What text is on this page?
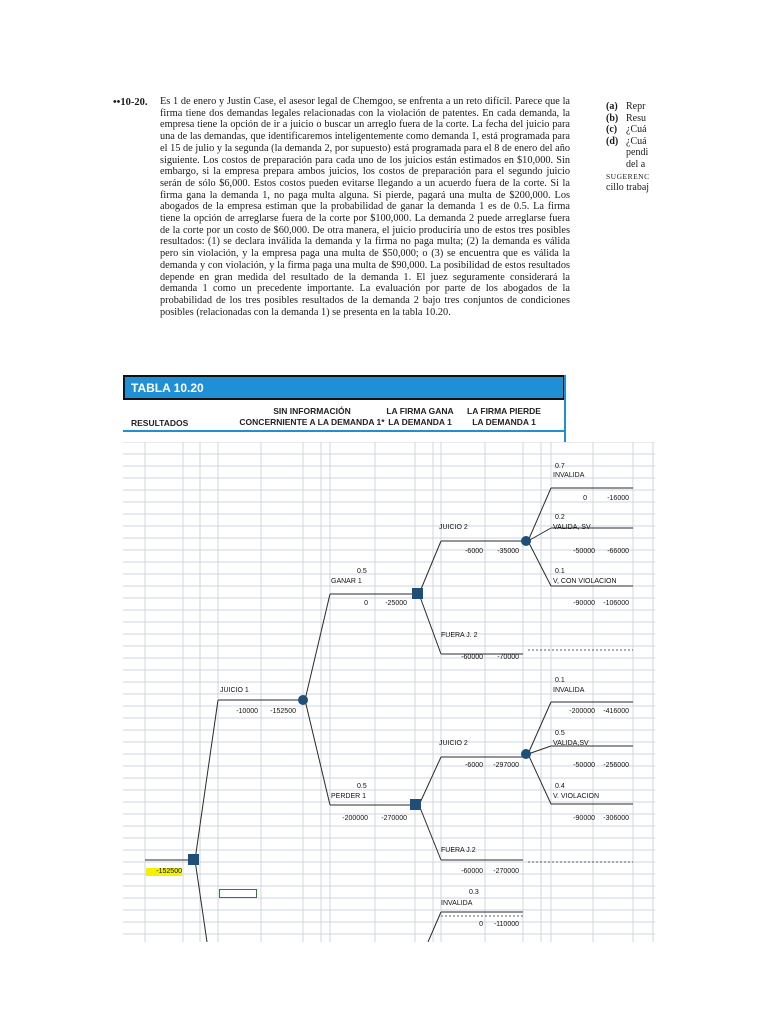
••10-20. Es 1 de enero y Justin Case, el asesor legal de Chemgoo, se enfrenta a un reto difícil. Parece que la firma tiene dos demandas legales relacionadas con la violación de patentes. En cada demanda, la empresa tiene la opción de ir a juicio o buscar un arreglo fuera de la corte. La fecha del juicio para una de las demandas, que identificaremos inteligentemente como demanda 1, está programada para el 15 de julio y la segunda (la demanda 2, por supuesto) está programada para el 8 de enero del año siguiente. Los costos de preparación para cada uno de los juicios están estimados en $10,000. Sin embargo, si la empresa prepara ambos juicios, los costos de preparación para el segundo juicio serán de sólo $6,000. Estos costos pueden evitarse llegando a un acuerdo fuera de la corte. Si la firma gana la demanda 1, no paga multa alguna. Si pierde, pagará una multa de $200,000. Los abogados de la empresa estiman que la probabilidad de ganar la demanda 1 es de 0.5. La firma tiene la opción de arreglarse fuera de la corte por $100,000. La demanda 2 puede arreglarse fuera de la corte por un costo de $60,000. De otra manera, el juicio produciría uno de estos tres posibles resultados: (1) se declara inválida la demanda y la firma no paga multa; (2) la demanda es válida pero sin violación, y la empresa paga una multa de $50,000; o (3) se encuentra que es válida la demanda y con violación, y la firma paga una multa de $90,000. La posibilidad de estos resultados depende en gran medida del resultado de la demanda 1. El juez seguramente considerará la demanda 1 como un precedente importante. La evaluación por parte de los abogados de la probabilidad de los tres posibles resultados de la demanda 2 bajo tres conjuntos de condiciones posibles (relacionadas con la demanda 1) se presenta en la tabla 10.20.

(a) Repr
(b) Resu
(c) ¿Cuá
(d) ¿Cuá
pendi
del a
SUGERENC
cillo trabaj
TABLA 10.20
RESULTADOS
SIN INFORMACIÓN
CONCERNIENTE A LA DEMANDA 1*
LA FIRMA GANA
LA DEMANDA 1
LA FIRMA PIERDE
LA DEMANDA 1
0.7
INVALIDA
0	-16000
0.2
VALIDA, SV
-50000	-66000
JUICIO 2
-6000	-35000
0.1
V, CON VIOLACION
-90000	-106000
0.5
GANAR 1
0	-25000
FUERA J. 2
-60000	-70000
JUICIO 1
-10000	-152500
0.1
INVALIDA
-200000	-416000
0.5
VALIDA,SV
-50000	-256000
JUICIO 2
-6000	-297000
0.4
V. VIOLACION
-90000	-306000
0.5
PERDER 1
-200000	-270000
FUERA J.2
-60000	-270000
-152500
0.3
INVALIDA
0	-110000
